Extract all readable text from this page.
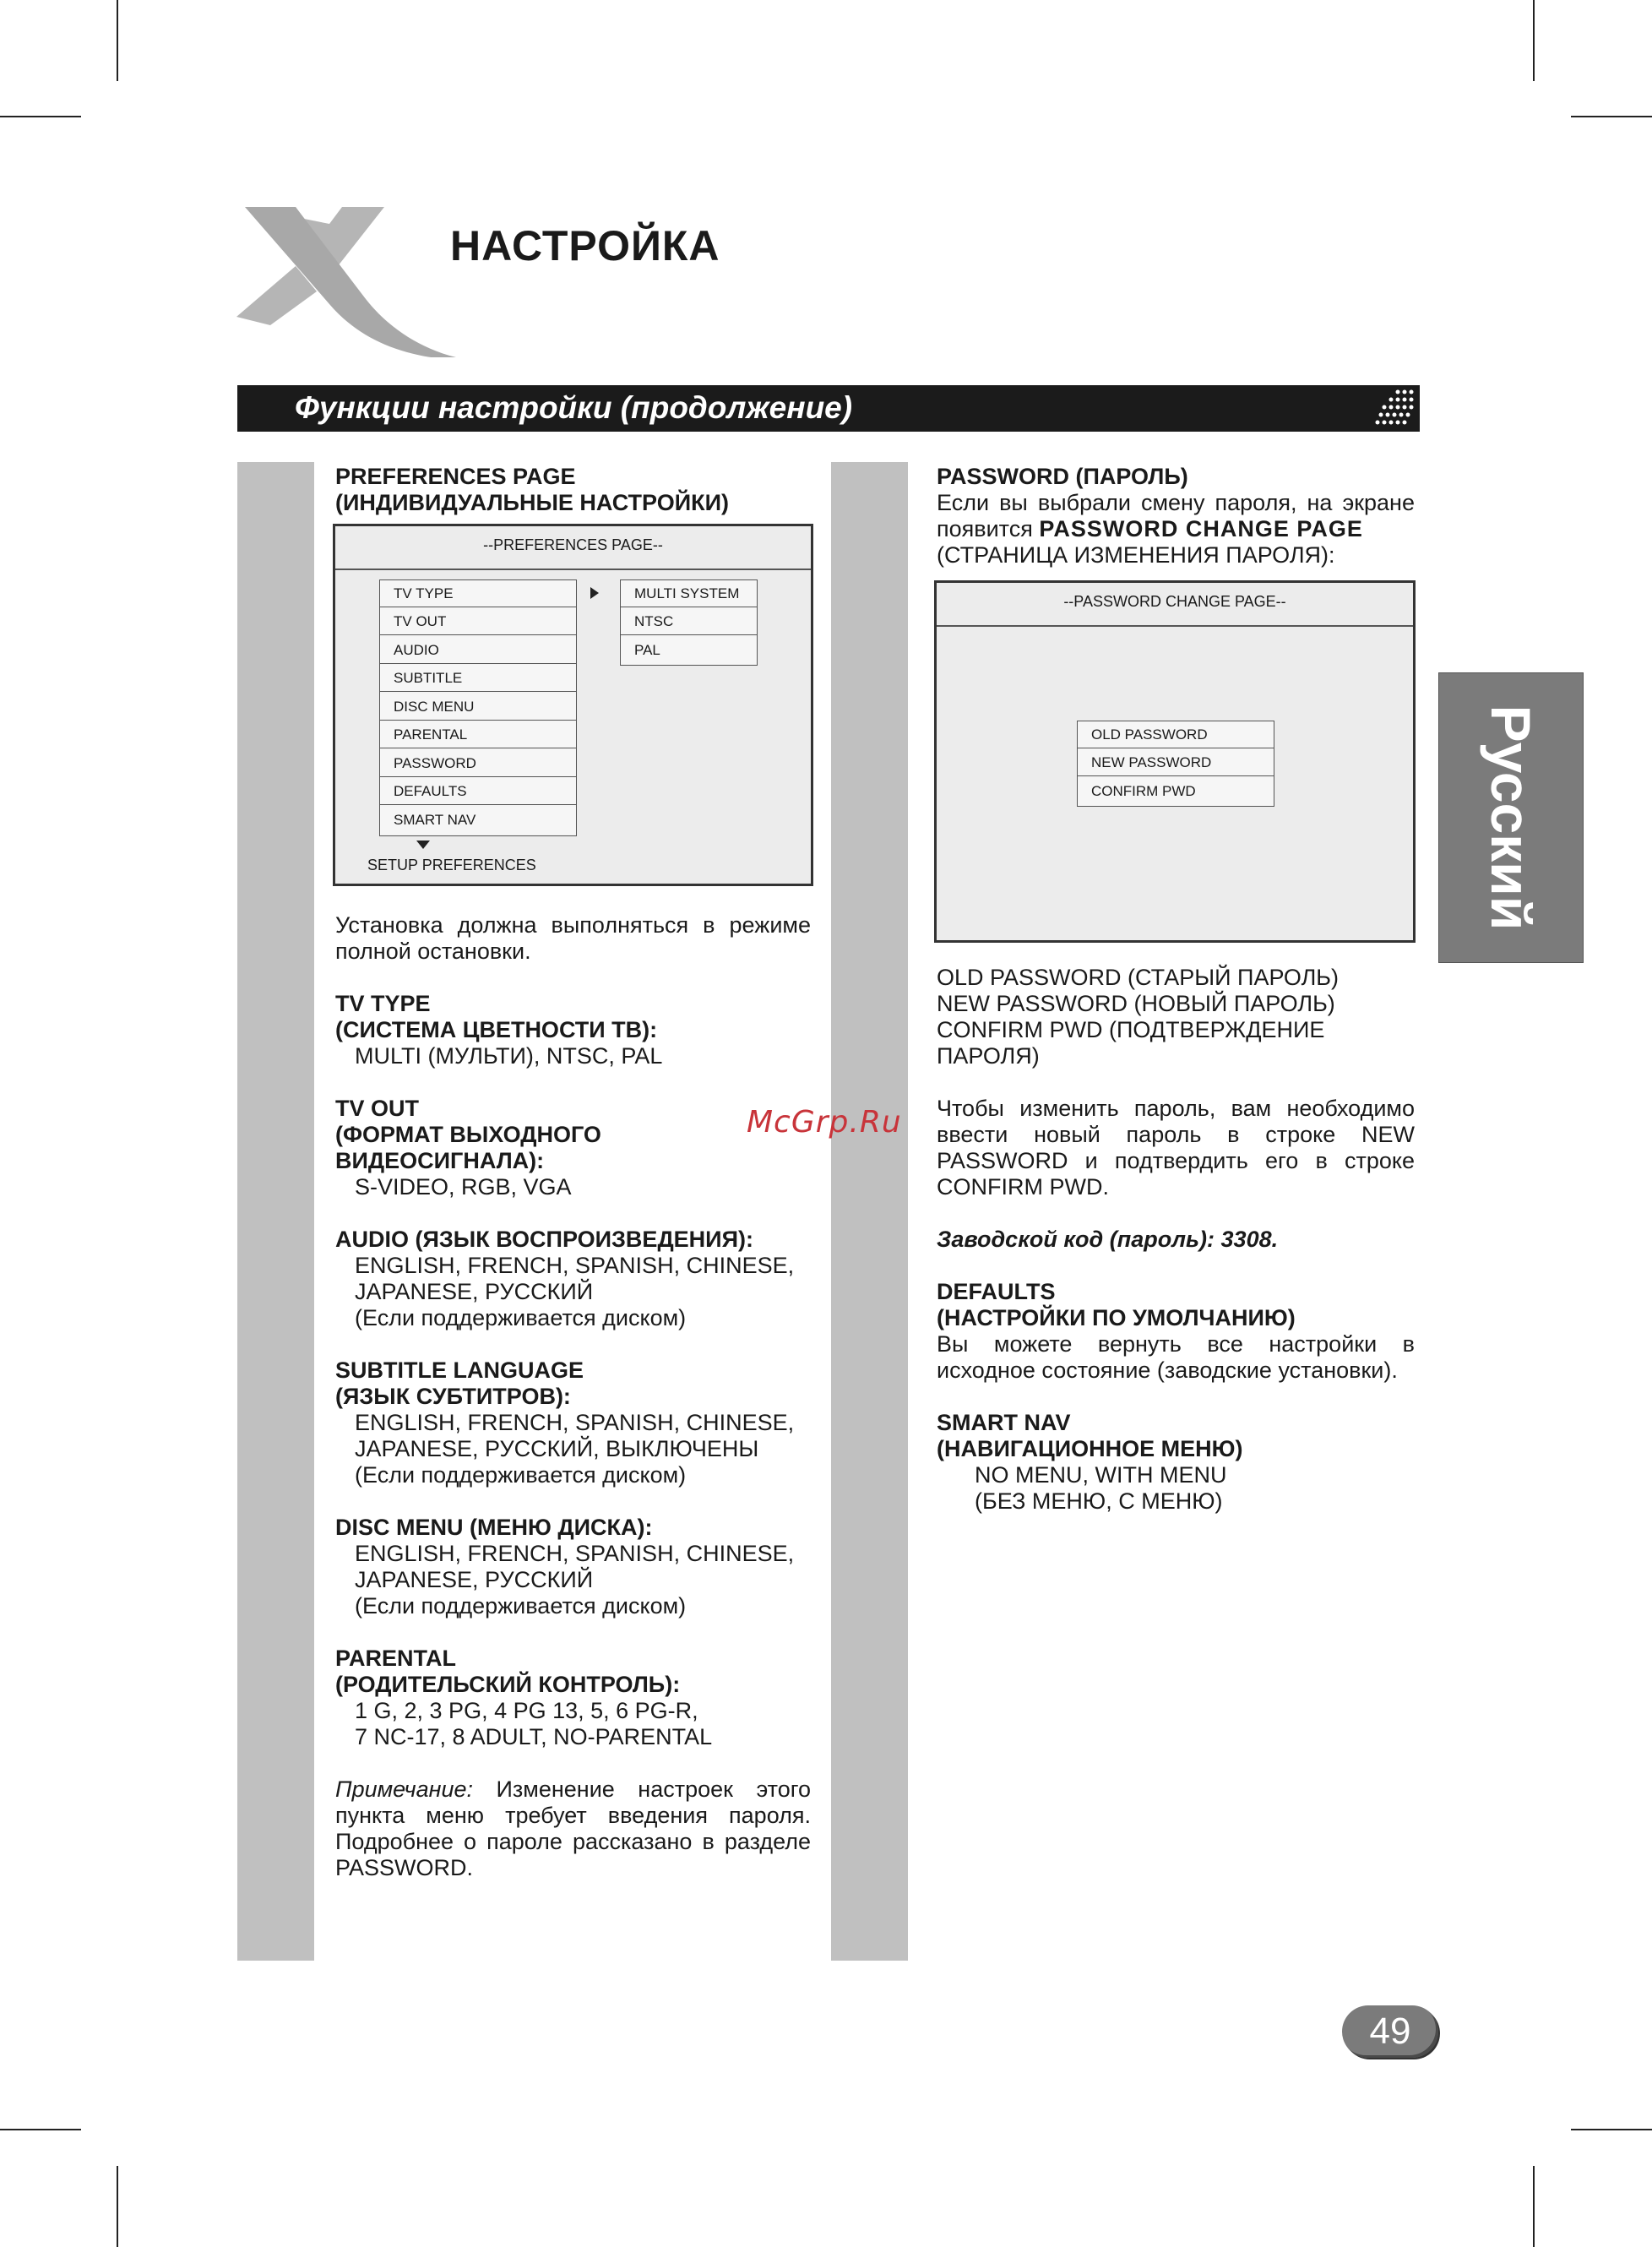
НАСТРОЙКА
Функции настройки (продолжение)

PREFERENCES PAGE

(ИНДИВИДУАЛЬНЫЕ НАСТРОЙКИ)

--PREFERENCES PAGE--
TV TYPE
TV OUT
AUDIO
SUBTITLE
DISC MENU
PARENTAL
PASSWORD
DEFAULTS
SMART NAV
MULTI SYSTEM
NTSC
PAL
SETUP PREFERENCES

Установка должна выполняться в режиме полной остановки.

TV TYPE

(СИСТЕМА ЦВЕТНОСТИ ТВ):

MULTI (МУЛЬТИ), NTSC, PAL

TV OUT

(ФОРМАТ ВЫХОДНОГО ВИДЕОСИГНАЛА):

S-VIDEO, RGB, VGA

AUDIO (ЯЗЫК ВОСПРОИЗВЕДЕНИЯ):

ENGLISH, FRENCH, SPANISH, CHINESE,

JAPANESE, РУССКИЙ

(Если поддерживается диском)

SUBTITLE LANGUAGE

(ЯЗЫК СУБТИТРОВ):

ENGLISH, FRENCH, SPANISH, CHINESE,

JAPANESE, РУССКИЙ, ВЫКЛЮЧЕНЫ

(Если поддерживается диском)

DISC MENU (МЕНЮ ДИСКА):

ENGLISH, FRENCH, SPANISH, CHINESE,

JAPANESE, РУССКИЙ

(Если поддерживается диском)

PARENTAL

(РОДИТЕЛЬСКИЙ КОНТРОЛЬ):

1 G, 2, 3 PG, 4 PG 13, 5, 6 PG-R,

7 NC-17, 8 ADULT, NO-PARENTAL

Примечание: Изменение настроек этого пункта меню требует введения пароля. Подробнее о пароле рассказано в разделе PASSWORD.

PASSWORD (ПАРОЛЬ)

Если вы выбрали смену пароля, на экране появится PASSWORD CHANGE PAGE

(СТРАНИЦА ИЗМЕНЕНИЯ ПАРОЛЯ):

--PASSWORD CHANGE PAGE--
OLD PASSWORD
NEW PASSWORD
CONFIRM PWD

OLD PASSWORD (СТАРЫЙ ПАРОЛЬ)

NEW PASSWORD (НОВЫЙ ПАРОЛЬ)

CONFIRM PWD (ПОДТВЕРЖДЕНИЕ ПАРОЛЯ)

Чтобы изменить пароль, вам необходимо ввести новый пароль в строке NEW PASSWORD и подтвердить его в строке CONFIRM PWD.

Заводской код (пароль): 3308.

DEFAULTS

(НАСТРОЙКИ ПО УМОЛЧАНИЮ)

Вы можете вернуть все настройки в исходное состояние (заводские установки).

SMART NAV

(НАВИГАЦИОННОЕ МЕНЮ)

NO MENU, WITH MENU

(БЕЗ МЕНЮ, С МЕНЮ)

Русский
McGrp.Ru
49
